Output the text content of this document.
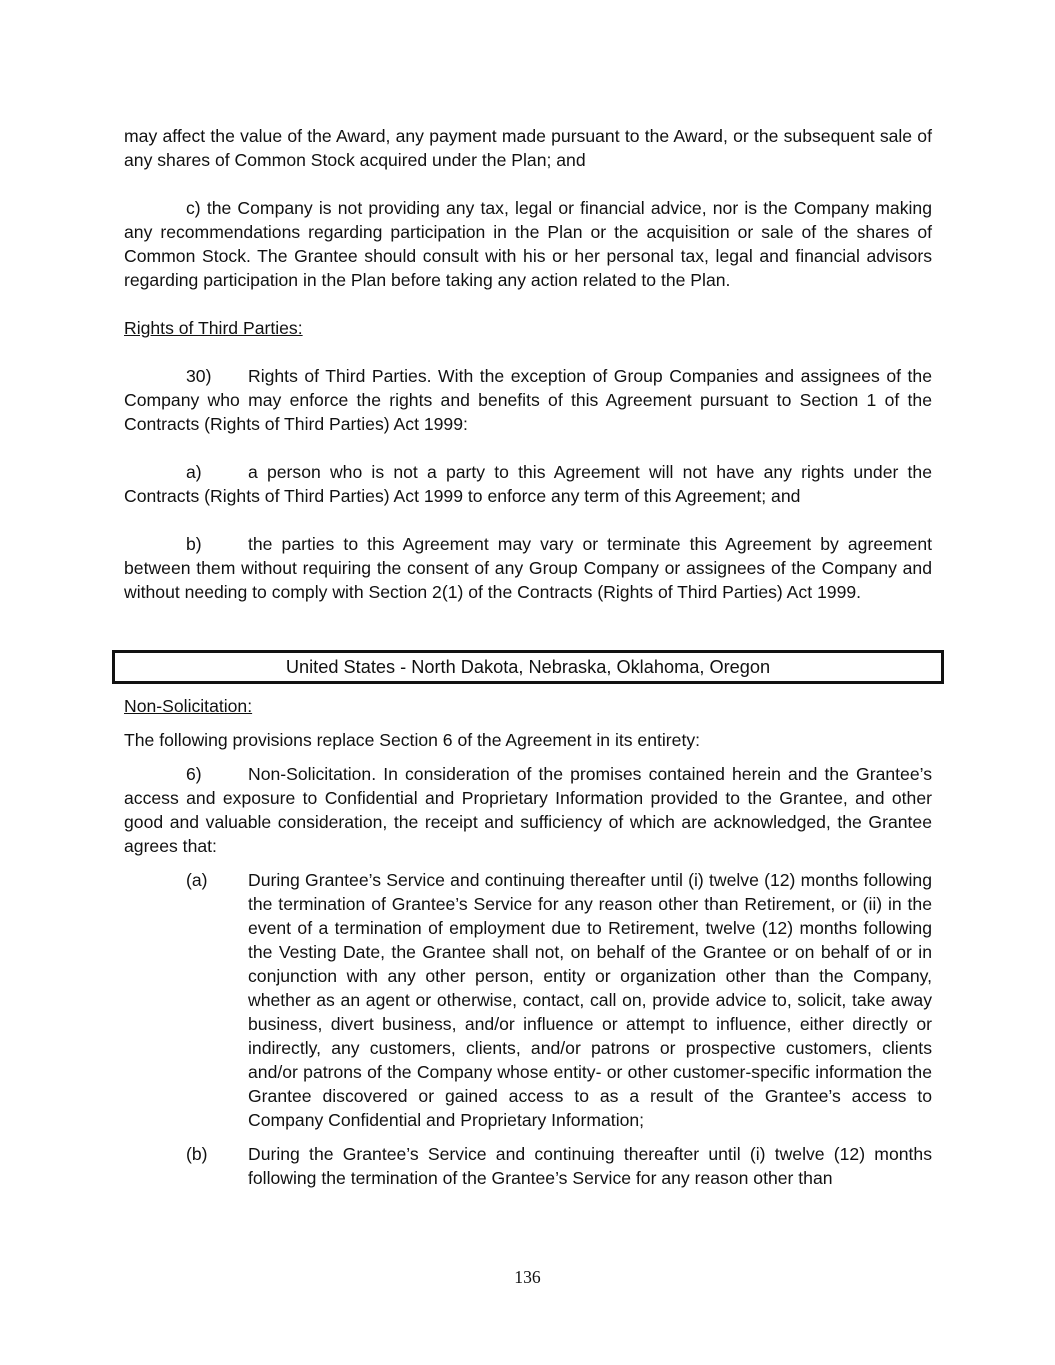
may affect the value of the Award, any payment made pursuant to the Award, or the subsequent sale of any shares of Common Stock acquired under the Plan; and

c) the Company is not providing any tax, legal or financial advice, nor is the Company making any recommendations regarding participation in the Plan or the acquisition or sale of the shares of Common Stock. The Grantee should consult with his or her personal tax, legal and financial advisors regarding participation in the Plan before taking any action related to the Plan.

Rights of Third Parties:

30) Rights of Third Parties. With the exception of Group Companies and assignees of the Company who may enforce the rights and benefits of this Agreement pursuant to Section 1 of the Contracts (Rights of Third Parties) Act 1999:

a)	a person who is not a party to this Agreement will not have any rights under the Contracts (Rights of Third Parties) Act 1999 to enforce any term of this Agreement; and

b)	the parties to this Agreement may vary or terminate this Agreement by agreement between them without requiring the consent of any Group Company or assignees of the Company and without needing to comply with Section 2(1) of the Contracts (Rights of Third Parties) Act 1999.

United States - North Dakota, Nebraska, Oklahoma, Oregon

Non-Solicitation:

The following provisions replace Section 6 of the Agreement in its entirety:

6)	Non-Solicitation. In consideration of the promises contained herein and the Grantee’s access and exposure to Confidential and Proprietary Information provided to the Grantee, and other good and valuable consideration, the receipt and sufficiency of which are acknowledged, the Grantee agrees that:

(a) During Grantee’s Service and continuing thereafter until (i) twelve (12) months following the termination of Grantee’s Service for any reason other than Retirement, or (ii) in the event of a termination of employment due to Retirement, twelve (12) months following the Vesting Date, the Grantee shall not, on behalf of the Grantee or on behalf of or in conjunction with any other person, entity or organization other than the Company, whether as an agent or otherwise, contact, call on, provide advice to, solicit, take away business, divert business, and/or influence or attempt to influence, either directly or indirectly, any customers, clients, and/or patrons or prospective customers, clients and/or patrons of the Company whose entity- or other customer-specific information the Grantee discovered or gained access to as a result of the Grantee’s access to Company Confidential and Proprietary Information;
(b) During the Grantee’s Service and continuing thereafter until (i) twelve (12) months following the termination of the Grantee’s Service for any reason other than
136
